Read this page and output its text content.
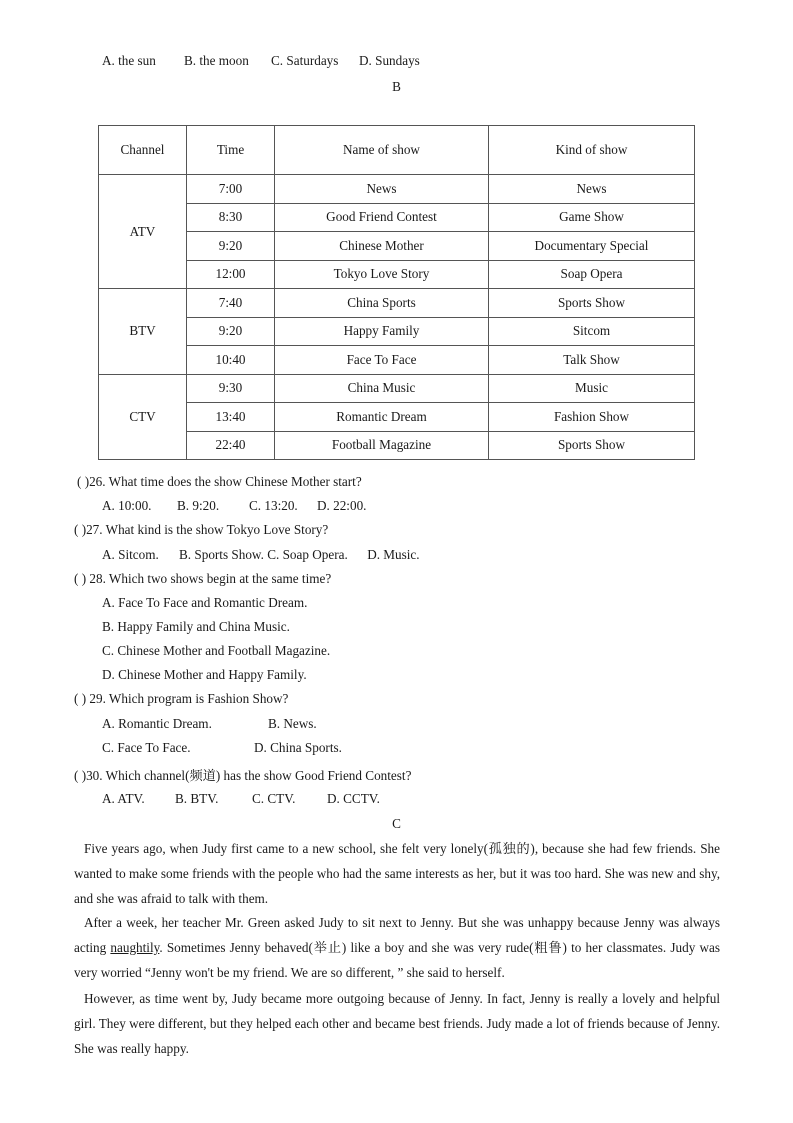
A. the sun B. the moon C. Saturdays D. Sundays
B
Channel	Time	Name of show	Kind of show
ATV	7:00	News	News
	8:30	Good Friend Contest	Game Show
	9:20	Chinese Mother	Documentary Special
	12:00	Tokyo Love Story	Soap Opera
BTV	7:40	China Sports	Sports Show
	9:20	Happy Family	Sitcom
	10:40	Face To Face	Talk Show
CTV	9:30	China Music	Music
	13:40	Romantic Dream	Fashion Show
	22:40	Football Magazine	Sports Show
( )26. What time does the show Chinese Mother start?
A. 10:00. B. 9:20. C. 13:20. D. 22:00.
( )27. What kind is the show Tokyo Love Story?
A. Sitcom. B. Sports Show. C. Soap Opera. D. Music.
( ) 28. Which two shows begin at the same time?
A. Face To Face and Romantic Dream.
B. Happy Family and China Music.
C. Chinese Mother and Football Magazine.
D. Chinese Mother and Happy Family.
( ) 29. Which program is Fashion Show?
A. Romantic Dream.	B. News.
C. Face To Face.	D. China Sports.
( )30. Which channel(频道) has the show Good Friend Contest?
A. ATV. B. BTV.	C. CTV. D. CCTV.
C
Five years ago, when Judy first came to a new school, she felt very lonely(孤独的), because she had few friends. She wanted to make some friends with the people who had the same interests as her, but it was too hard. She was new and shy, and she was afraid to talk with them.
After a week, her teacher Mr. Green asked Judy to sit next to Jenny. But she was unhappy because Jenny was always acting naughtily. Sometimes Jenny behaved(举止) like a boy and she was very rude(粗鲁) to her classmates. Judy was very worried “Jenny won't be my friend. We are so different, ” she said to herself.
However, as time went by, Judy became more outgoing because of Jenny. In fact, Jenny is really a lovely and helpful girl. They were different, but they helped each other and became best friends. Judy made a lot of friends because of Jenny. She was really happy.
